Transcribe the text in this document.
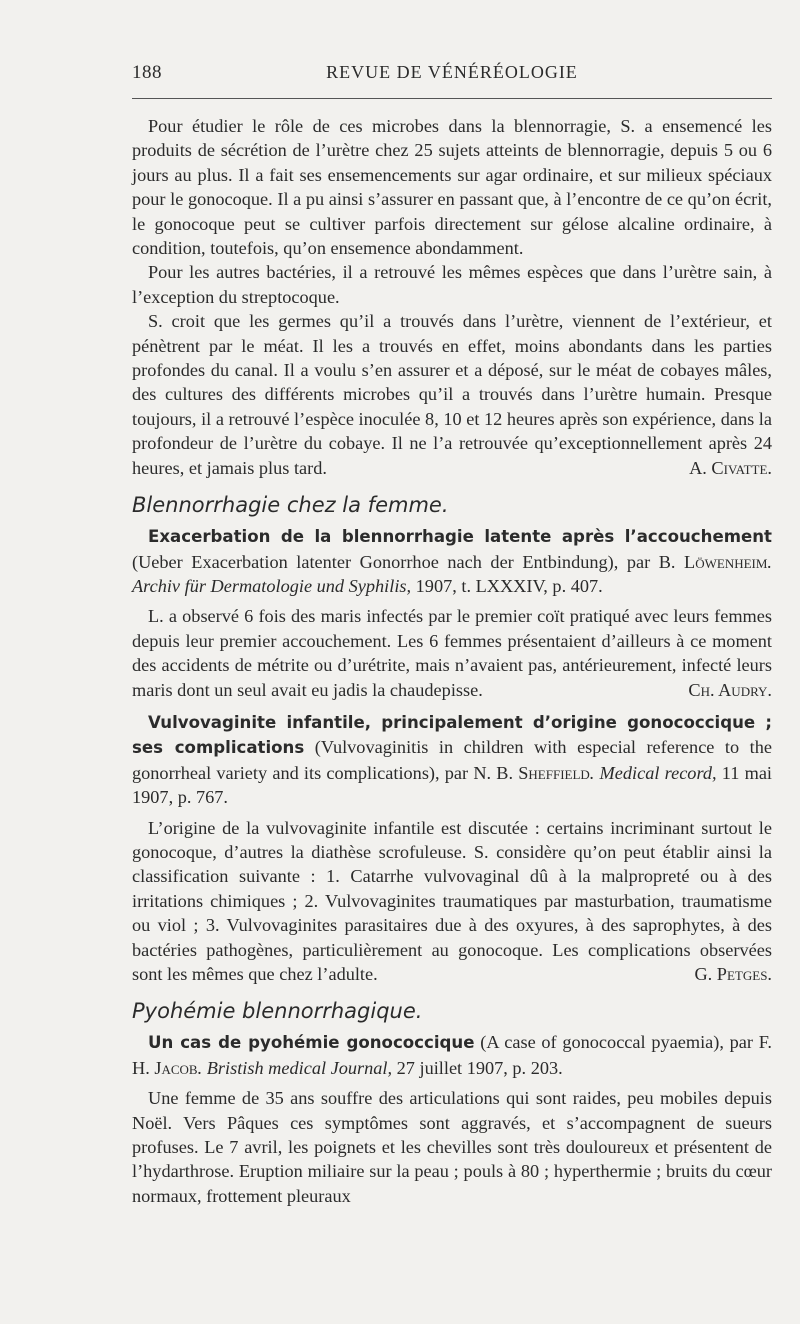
188	REVUE DE VÉNÉRÉOLOGIE

Pour étudier le rôle de ces microbes dans la blennorragie, S. a ensemencé les produits de sécrétion de l’urètre chez 25 sujets atteints de blennorragie, depuis 5 ou 6 jours au plus. Il a fait ses ensemencements sur agar ordinaire, et sur milieux spéciaux pour le gonocoque. Il a pu ainsi s’assurer en passant que, à l’encontre de ce qu’on écrit, le gonocoque peut se cultiver parfois directement sur gélose alcaline ordinaire, à condition, toutefois, qu’on ensemence abondamment.

Pour les autres bactéries, il a retrouvé les mêmes espèces que dans l’urètre sain, à l’exception du streptocoque.

S. croit que les germes qu’il a trouvés dans l’urètre, viennent de l’extérieur, et pénètrent par le méat. Il les a trouvés en effet, moins abondants dans les parties profondes du canal. Il a voulu s’en assurer et a déposé, sur le méat de cobayes mâles, des cultures des différents microbes qu’il a trouvés dans l’urètre humain. Presque toujours, il a retrouvé l’espèce inoculée 8, 10 et 12 heures après son expérience, dans la profondeur de l’urètre du cobaye. Il ne l’a retrouvée qu’exceptionnellement après 24 heures, et jamais plus tard.	A. Civatte.

Blennorrhagie chez la femme.

Exacerbation de la blennorrhagie latente après l’accouchement (Ueber Exacerbation latenter Gonorrhoe nach der Entbindung), par B. Löwenheim. Archiv für Dermatologie und Syphilis, 1907, t. LXXXIV, p. 407.

L. a observé 6 fois des maris infectés par le premier coït pratiqué avec leurs femmes depuis leur premier accouchement. Les 6 femmes présentaient d’ailleurs à ce moment des accidents de métrite ou d’urétrite, mais n’avaient pas, antérieurement, infecté leurs maris dont un seul avait eu jadis la chaudepisse.	Ch. Audry.

Vulvovaginite infantile, principalement d’origine gonococcique ; ses complications (Vulvovaginitis in children with especial reference to the gonorrheal variety and its complications), par N. B. Sheffield. Medical record, 11 mai 1907, p. 767.

L’origine de la vulvovaginite infantile est discutée : certains incriminant surtout le gonocoque, d’autres la diathèse scrofuleuse. S. considère qu’on peut établir ainsi la classification suivante : 1. Catarrhe vulvovaginal dû à la malpropreté ou à des irritations chimiques ; 2. Vulvovaginites traumatiques par masturbation, traumatisme ou viol ; 3. Vulvovaginites parasitaires due à des oxyures, à des saprophytes, à des bactéries pathogènes, particulièrement au gonocoque. Les complications observées sont les mêmes que chez l’adulte.	G. Petges.

Pyohémie blennorrhagique.

Un cas de pyohémie gonococcique (A case of gonococcal pyaemia), par F. H. Jacob. Bristish medical Journal, 27 juillet 1907, p. 203.

Une femme de 35 ans souffre des articulations qui sont raides, peu mobiles depuis Noël. Vers Pâques ces symptômes sont aggravés, et s’accompagnent de sueurs profuses. Le 7 avril, les poignets et les chevilles sont très douloureux et présentent de l’hydarthrose. Eruption miliaire sur la peau ; pouls à 80 ; hyperthermie ; bruits du cœur normaux, frottement pleuraux
